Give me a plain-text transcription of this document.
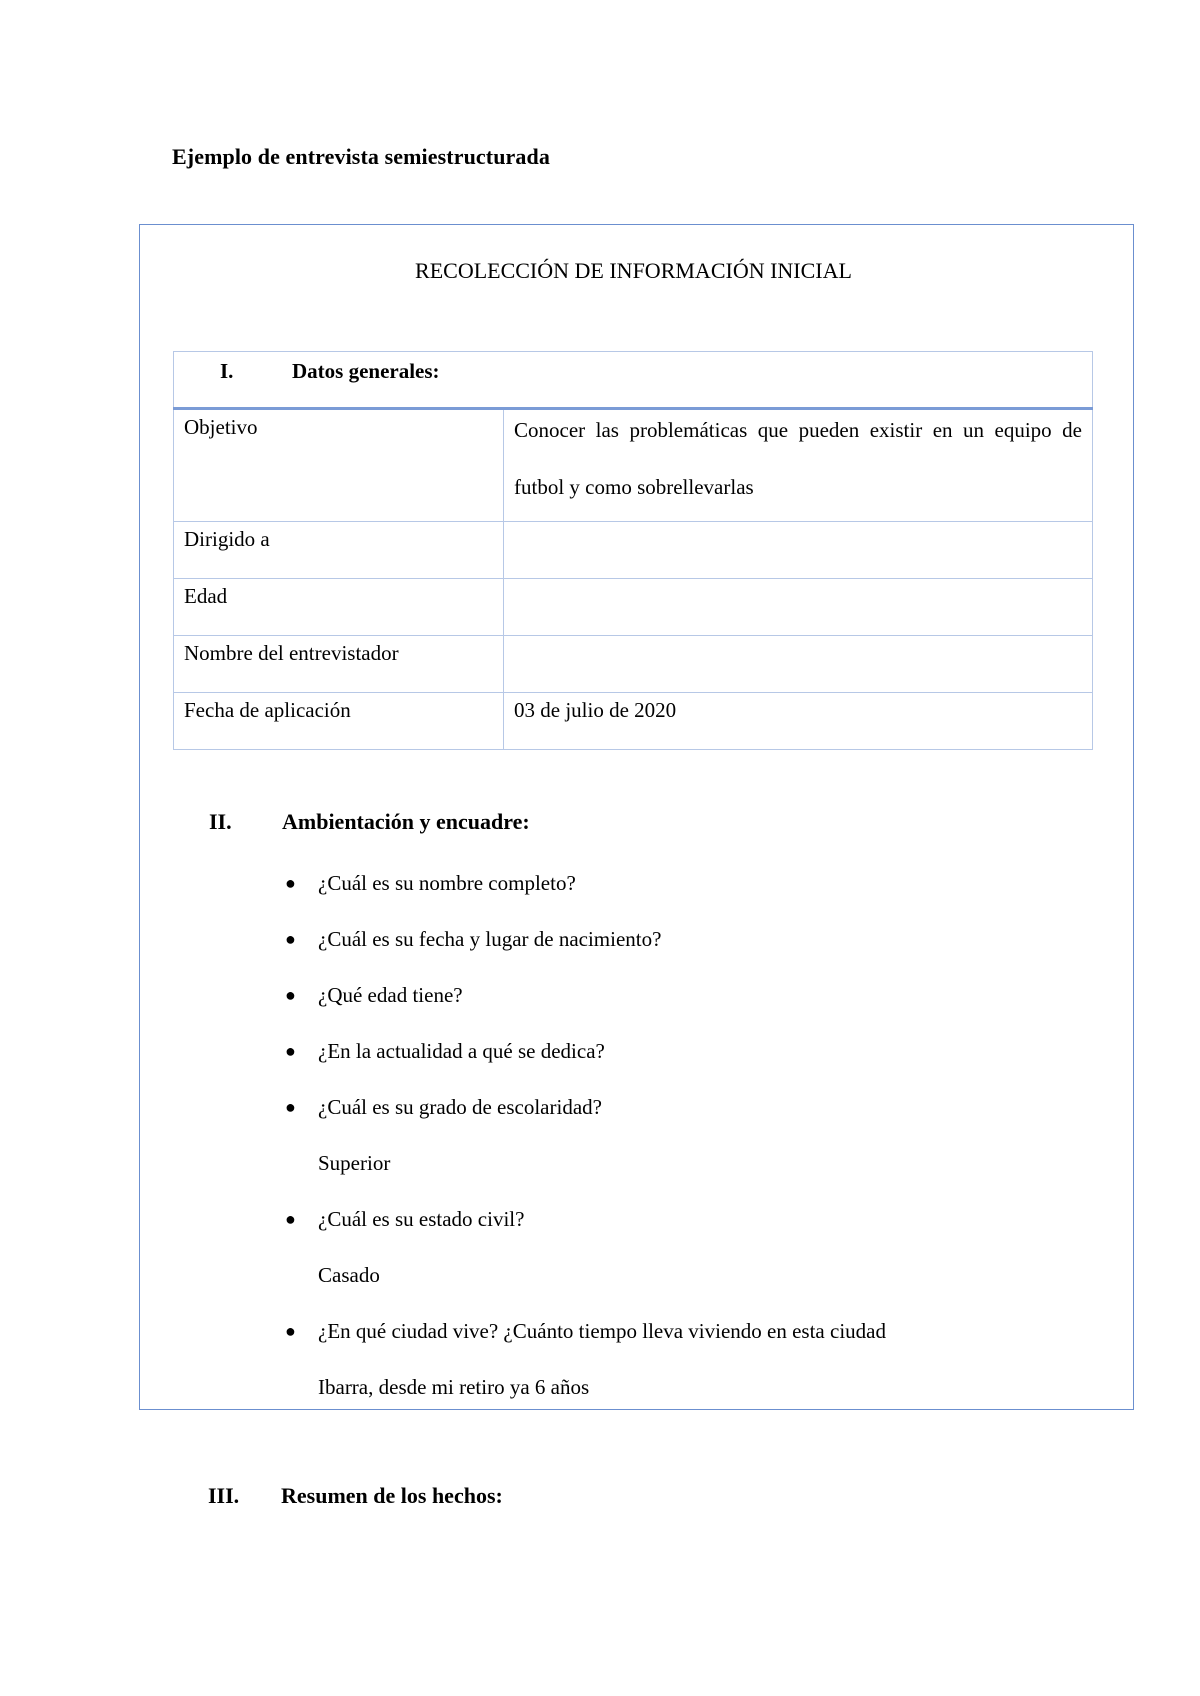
Ejemplo de entrevista semiestructurada
RECOLECCIÓN DE INFORMACIÓN INICIAL
I. Datos generales:	
Objetivo	Conocer las problemáticas que pueden existir en un equipo de futbol y como sobrellevarlas

Dirigido a	
Edad	
Nombre del entrevistador	
Fecha de aplicación	03 de julio de 2020
II. Ambientación y encuadre:
● ¿Cuál es su nombre completo?
● ¿Cuál es su fecha y lugar de nacimiento?
● ¿Qué edad tiene?
● ¿En la actualidad a qué se dedica?
● ¿Cuál es su grado de escolaridad?
Superior
● ¿Cuál es su estado civil?
Casado
● ¿En qué ciudad vive? ¿Cuánto tiempo lleva viviendo en esta ciudad
Ibarra, desde mi retiro ya 6 años
III. Resumen de los hechos:
